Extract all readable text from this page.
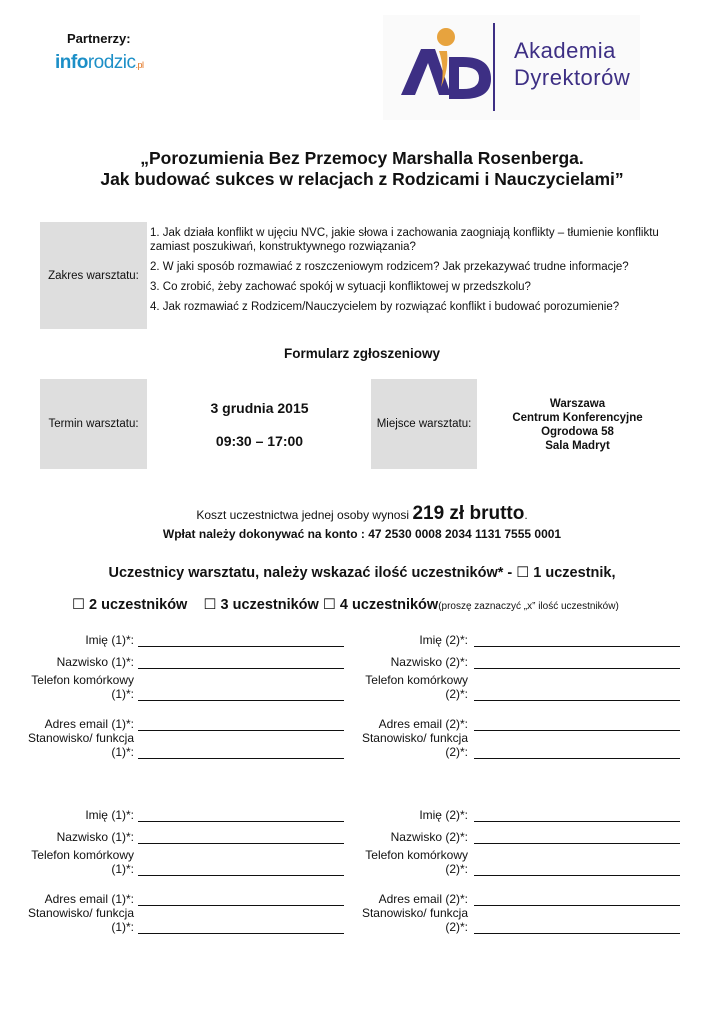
Partnerzy:
inforodzic.pl
Akademia
Dyrektorów
„Porozumienia Bez Przemocy Marshalla Rosenberga.
Jak budować sukces w relacjach z Rodzicami i Nauczycielami”
Zakres warsztatu:

1. Jak działa konflikt w ujęciu NVC, jakie słowa i zachowania zaogniają konflikty – tłumienie konfliktu zamiast poszukiwań, konstruktywnego rozwiązania?

2. W jaki sposób rozmawiać z roszczeniowym rodzicem? Jak przekazywać trudne informacje?

3. Co zrobić, żeby zachować spokój w sytuacji konfliktowej w przedszkolu?

4. Jak rozmawiać z Rodzicem/Nauczycielem by rozwiązać konflikt i budować porozumienie?

Formularz zgłoszeniowy
Termin warsztatu:
3 grudnia 2015
09:30 – 17:00
Miejsce warsztatu:
Warszawa
Centrum Konferencyjne
Ogrodowa 58
Sala Madryt
Koszt uczestnictwa jednej osoby wynosi 219 zł brutto.
Wpłat należy dokonywać na konto : 47 2530 0008 2034 1131 7555 0001
Uczestnicy warsztatu, należy wskazać ilość uczestników* - ☐ 1 uczestnik,
☐ 2 uczestników ☐ 3 uczestników ☐ 4 uczestników(proszę zaznaczyć „x” ilość uczestników)
Imię (1)*:
Nazwisko (1)*:
Telefon komórkowy (1)*:
Adres email (1)*:
Stanowisko/ funkcja (1)*:
Imię (2)*:
Nazwisko (2)*:
Telefon komórkowy (2)*:
Adres email (2)*:
Stanowisko/ funkcja (2)*:
Imię (1)*:
Nazwisko (1)*:
Telefon komórkowy (1)*:
Adres email (1)*:
Stanowisko/ funkcja (1)*:
Imię (2)*:
Nazwisko (2)*:
Telefon komórkowy (2)*:
Adres email (2)*:
Stanowisko/ funkcja (2)*:
